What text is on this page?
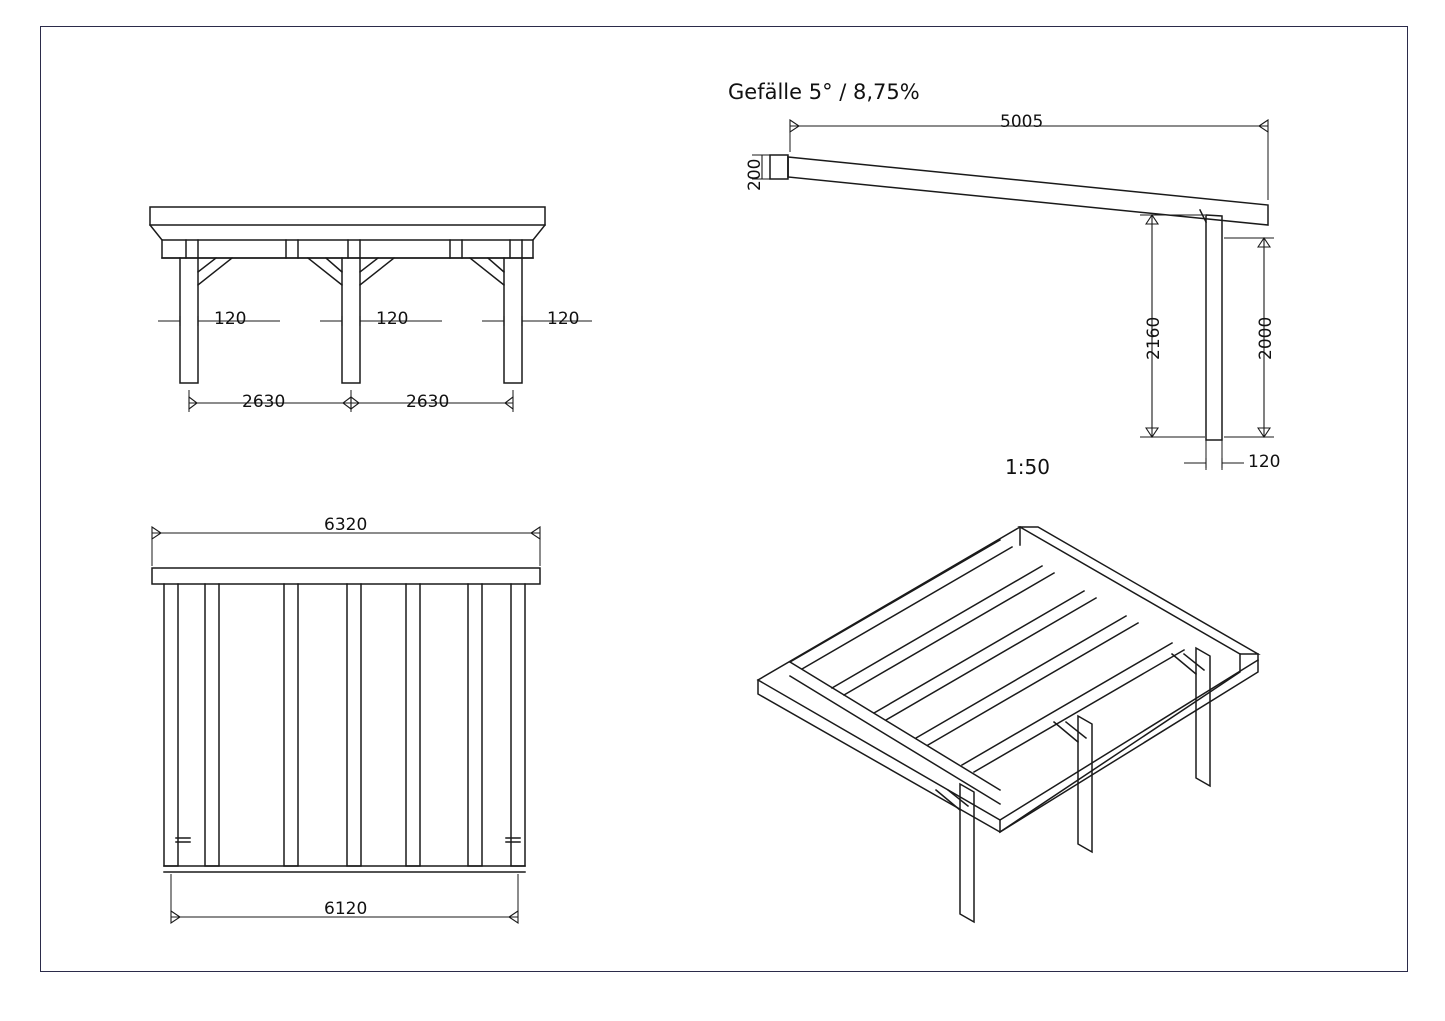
Gefälle 5° / 8,75%
120	120	120
2630	2630
5005
200
2160	2000
120
1:50
6320
6120
